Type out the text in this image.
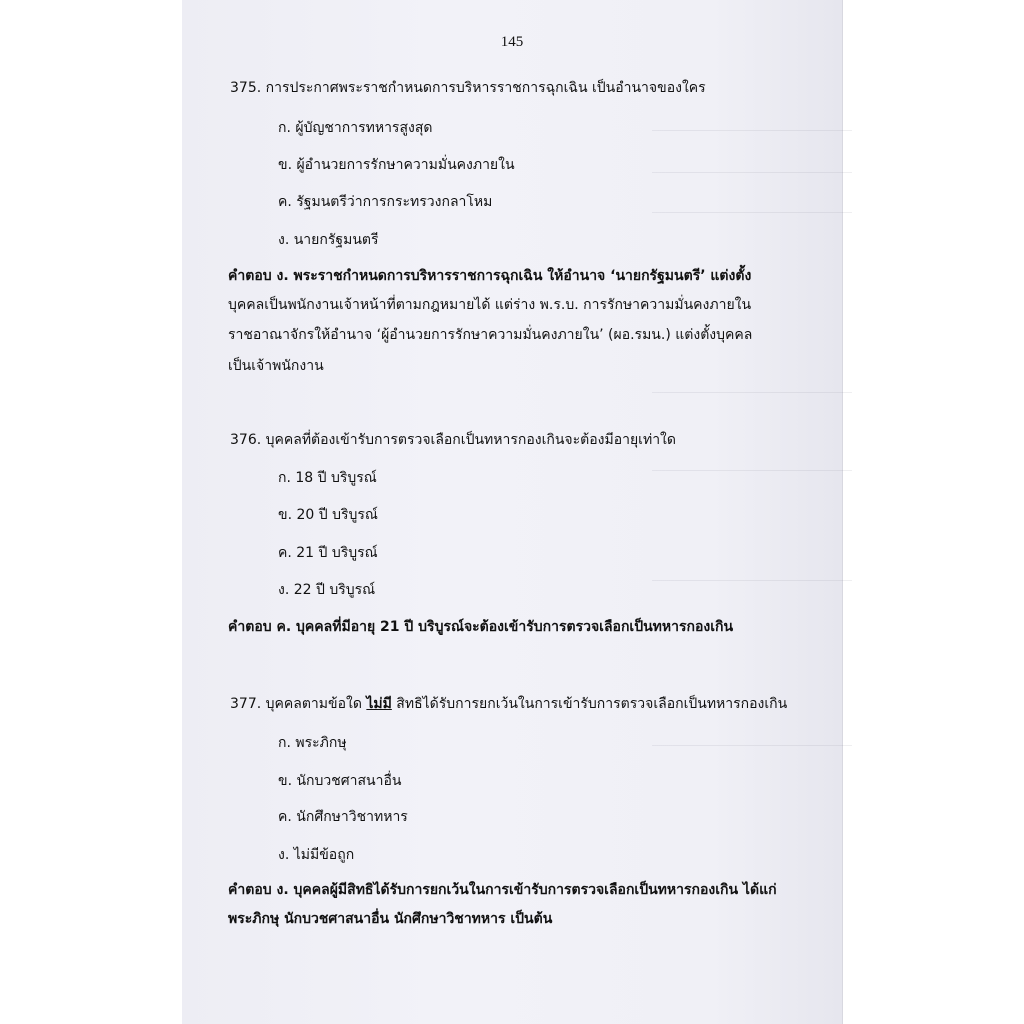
145
375. การประกาศพระราชกำหนดการบริหารราชการฉุกเฉิน เป็นอำนาจของใคร
ก. ผู้บัญชาการทหารสูงสุด
ข. ผู้อำนวยการรักษาความมั่นคงภายใน
ค. รัฐมนตรีว่าการกระทรวงกลาโหม
ง. นายกรัฐมนตรี
คำตอบ ง. พระราชกำหนดการบริหารราชการฉุกเฉิน ให้อำนาจ ‘นายกรัฐมนตรี’ แต่งตั้ง
บุคคลเป็นพนักงานเจ้าหน้าที่ตามกฎหมายได้ แต่ร่าง พ.ร.บ. การรักษาความมั่นคงภายใน
ราชอาณาจักรให้อำนาจ ‘ผู้อำนวยการรักษาความมั่นคงภายใน’ (ผอ.รมน.) แต่งตั้งบุคคล
เป็นเจ้าพนักงาน
376. บุคคลที่ต้องเข้ารับการตรวจเลือกเป็นทหารกองเกินจะต้องมีอายุเท่าใด
ก. 18 ปี บริบูรณ์
ข. 20 ปี บริบูรณ์
ค. 21 ปี บริบูรณ์
ง. 22 ปี บริบูรณ์
คำตอบ ค. บุคคลที่มีอายุ 21 ปี บริบูรณ์จะต้องเข้ารับการตรวจเลือกเป็นทหารกองเกิน
377. บุคคลตามข้อใด ไม่มี สิทธิได้รับการยกเว้นในการเข้ารับการตรวจเลือกเป็นทหารกองเกิน
ก. พระภิกษุ
ข. นักบวชศาสนาอื่น
ค. นักศึกษาวิชาทหาร
ง. ไม่มีข้อถูก
คำตอบ ง. บุคคลผู้มีสิทธิได้รับการยกเว้นในการเข้ารับการตรวจเลือกเป็นทหารกองเกิน ได้แก่
พระภิกษุ นักบวชศาสนาอื่น นักศึกษาวิชาทหาร เป็นต้น
